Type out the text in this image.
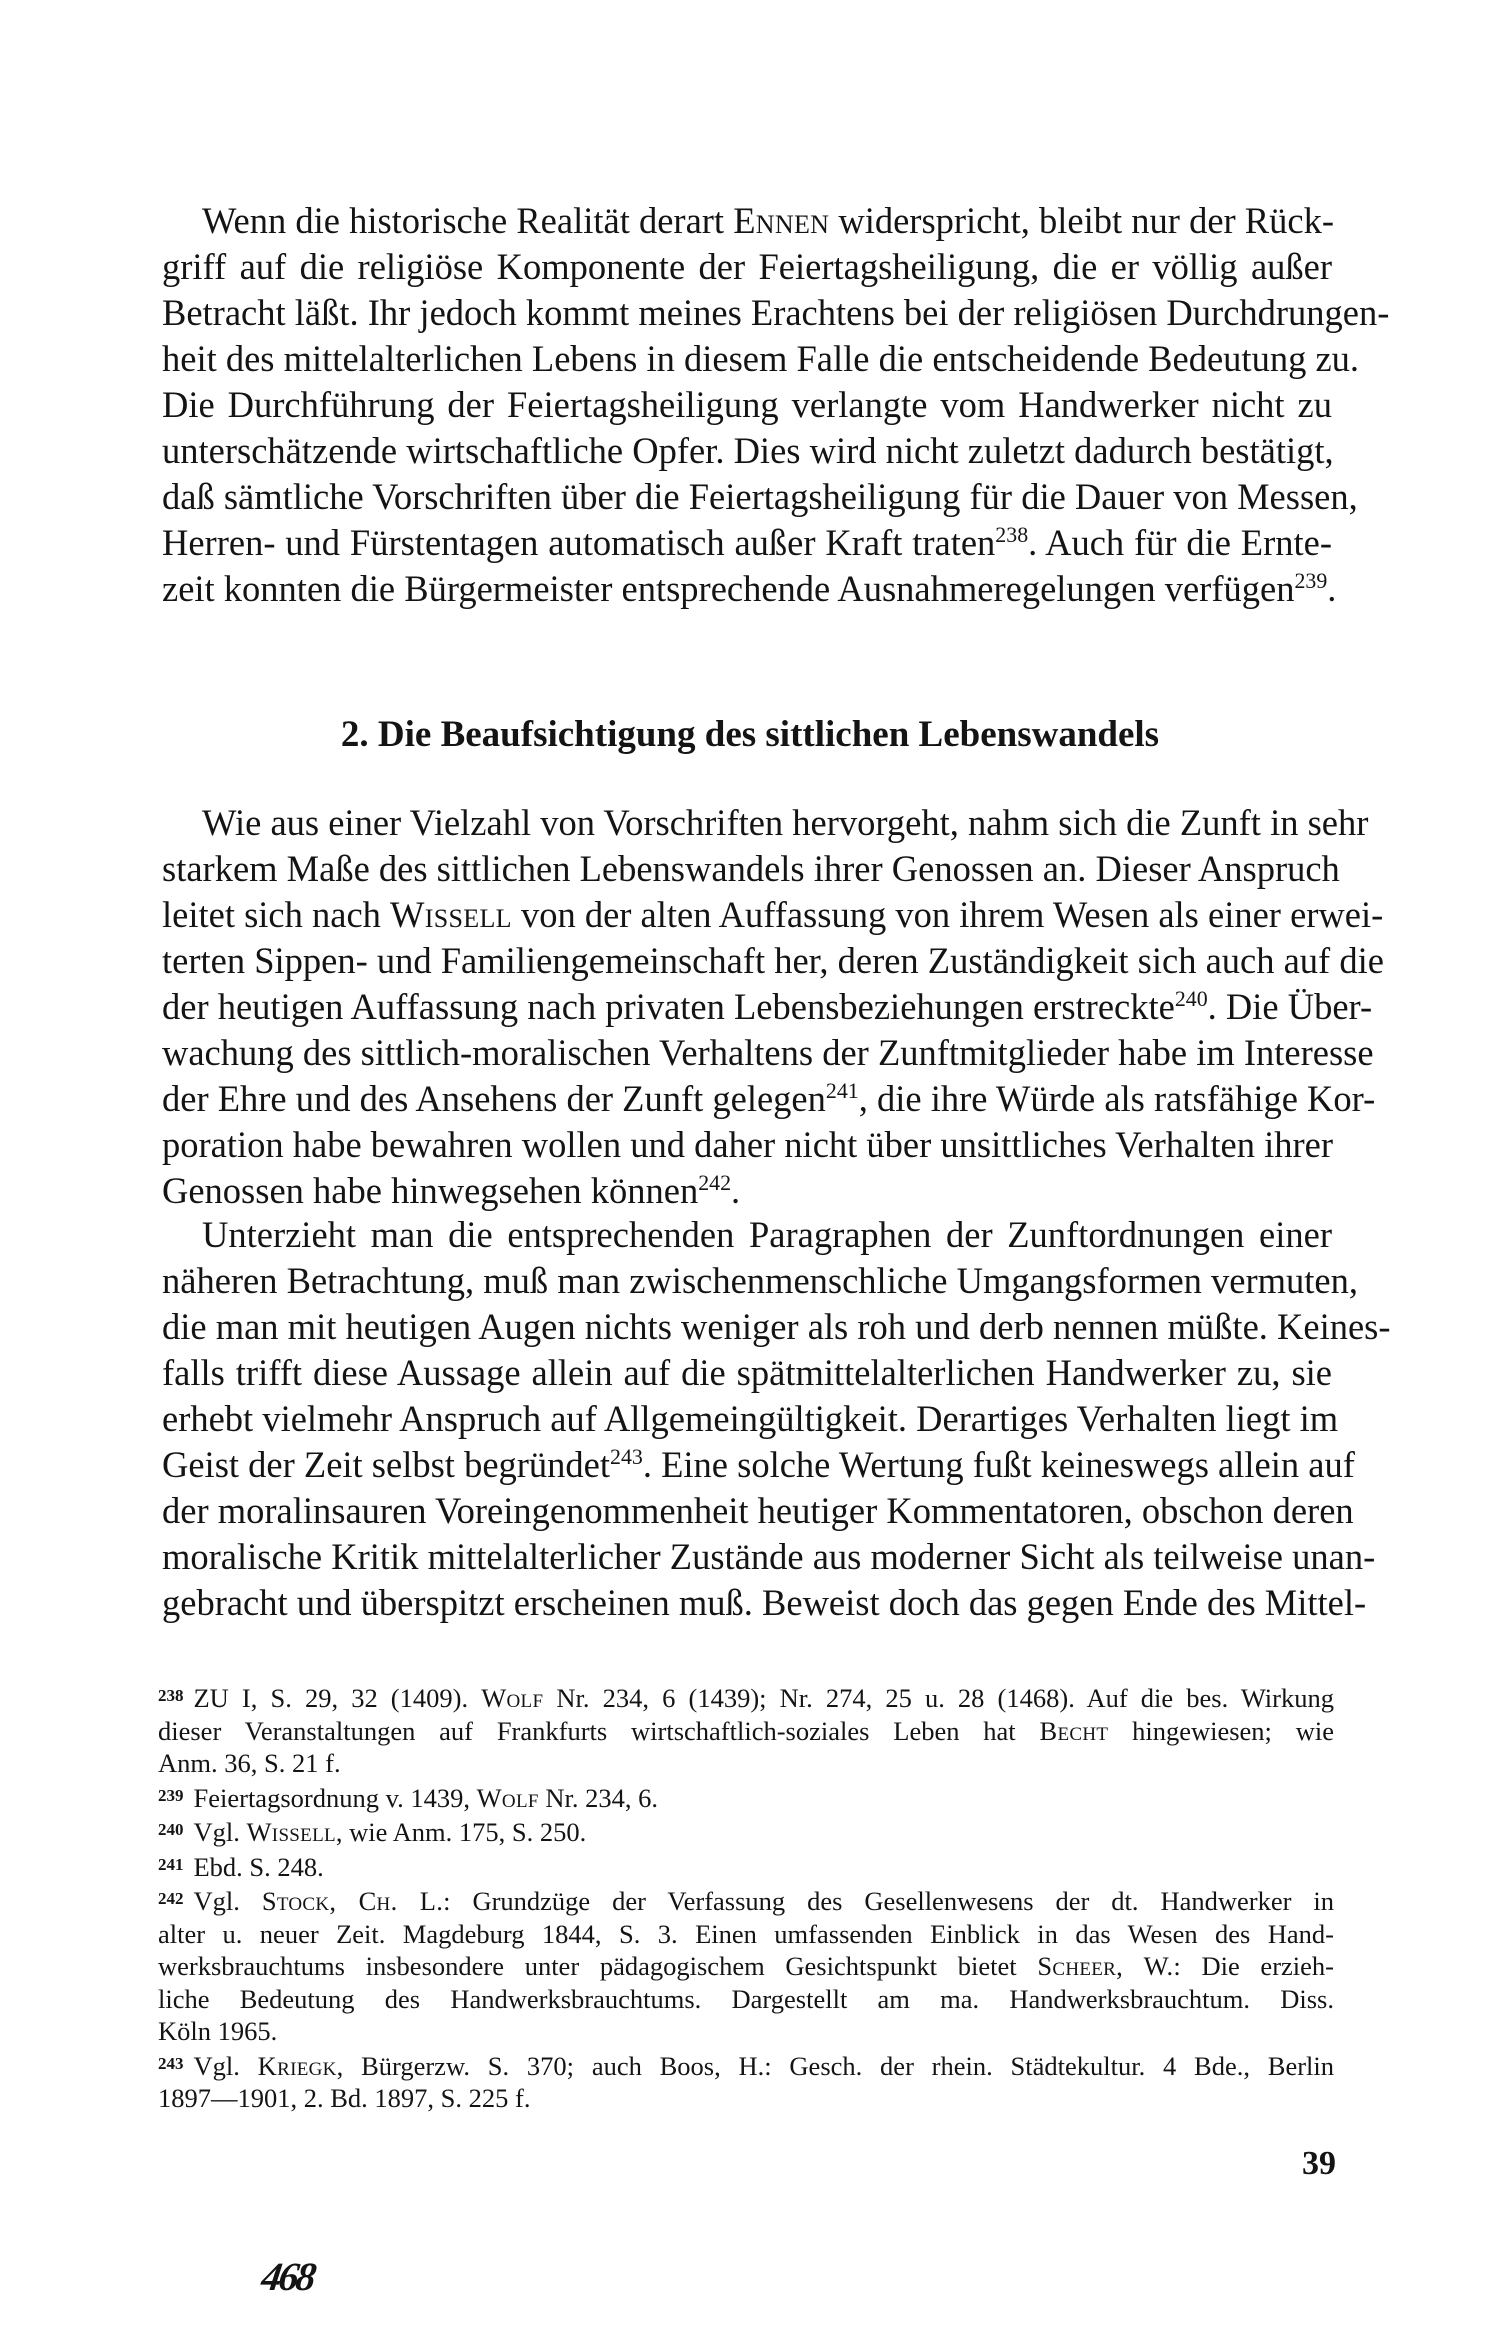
Wenn die historische Realität derart Ennen widerspricht, bleibt nur der Rück-
griff auf die religiöse Komponente der Feiertagsheiligung, die er völlig außer
Betracht läßt. Ihr jedoch kommt meines Erachtens bei der religiösen Durchdrungen-
heit des mittelalterlichen Lebens in diesem Falle die entscheidende Bedeutung zu.
Die Durchführung der Feiertagsheiligung verlangte vom Handwerker nicht zu
unterschätzende wirtschaftliche Opfer. Dies wird nicht zuletzt dadurch bestätigt,
daß sämtliche Vorschriften über die Feiertagsheiligung für die Dauer von Messen,
Herren- und Fürstentagen automatisch außer Kraft traten$^{238}$. Auch für die Ernte-
zeit konnten die Bürgermeister entsprechende Ausnahmeregelungen verfügen$^{239}$.
2. Die Beaufsichtigung des sittlichen Lebenswandels
Wie aus einer Vielzahl von Vorschriften hervorgeht, nahm sich die Zunft in sehr
starkem Maße des sittlichen Lebenswandels ihrer Genossen an. Dieser Anspruch
leitet sich nach Wissell von der alten Auffassung von ihrem Wesen als einer erwei-
terten Sippen- und Familiengemeinschaft her, deren Zuständigkeit sich auch auf die
der heutigen Auffassung nach privaten Lebensbeziehungen erstreckte$^{240}$. Die Über-
wachung des sittlich-moralischen Verhaltens der Zunftmitglieder habe im Interesse
der Ehre und des Ansehens der Zunft gelegen$^{241}$, die ihre Würde als ratsfähige Kor-
poration habe bewahren wollen und daher nicht über unsittliches Verhalten ihrer
Genossen habe hinwegsehen können$^{242}$.
Unterzieht man die entsprechenden Paragraphen der Zunftordnungen einer
näheren Betrachtung, muß man zwischenmenschliche Umgangsformen vermuten,
die man mit heutigen Augen nichts weniger als roh und derb nennen müßte. Keines-
falls trifft diese Aussage allein auf die spätmittelalterlichen Handwerker zu, sie
erhebt vielmehr Anspruch auf Allgemeingültigkeit. Derartiges Verhalten liegt im
Geist der Zeit selbst begründet$^{243}$. Eine solche Wertung fußt keineswegs allein auf
der moralinsauren Voreingenommenheit heutiger Kommentatoren, obschon deren
moralische Kritik mittelalterlicher Zustände aus moderner Sicht als teilweise unan-
gebracht und überspitzt erscheinen muß. Beweist doch das gegen Ende des Mittel-
$^{238}$ ZU I, S. 29, 32 (1409). Wolf Nr. 234, 6 (1439); Nr. 274, 25 u. 28 (1468). Auf die bes. Wirkung
dieser Veranstaltungen auf Frankfurts wirtschaftlich-soziales Leben hat Becht hingewiesen; wie
Anm. 36, S. 21 f.
$^{239}$ Feiertagsordnung v. 1439, Wolf Nr. 234, 6.
$^{240}$ Vgl. Wissell, wie Anm. 175, S. 250.
$^{241}$ Ebd. S. 248.
$^{242}$ Vgl. Stock, Ch. L.: Grundzüge der Verfassung des Gesellenwesens der dt. Handwerker in
alter u. neuer Zeit. Magdeburg 1844, S. 3. Einen umfassenden Einblick in das Wesen des Hand-
werksbrauchtums insbesondere unter pädagogischem Gesichtspunkt bietet Scheer, W.: Die erzieh-
liche Bedeutung des Handwerksbrauchtums. Dargestellt am ma. Handwerksbrauchtum. Diss.
Köln 1965.
$^{243}$ Vgl. Kriegk, Bürgerzw. S. 370; auch Boos, H.: Gesch. der rhein. Städtekultur. 4 Bde., Berlin
1897—1901, 2. Bd. 1897, S. 225 f.
39
468
